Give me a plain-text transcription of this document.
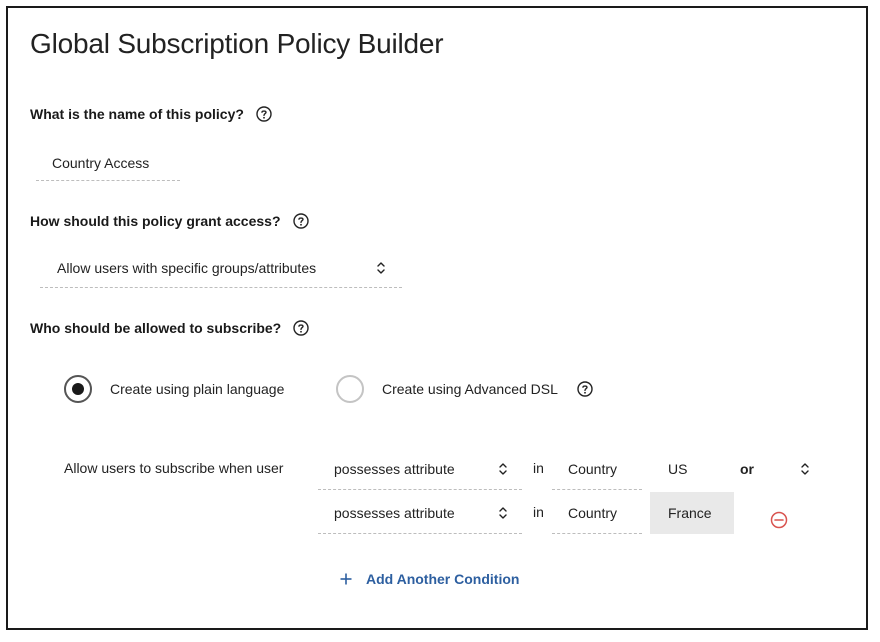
Global Subscription Policy Builder
What is the name of this policy?
Country Access
How should this policy grant access?
Allow users with specific groups/attributes
Who should be allowed to subscribe?
Create using plain language	Create using Advanced DSL
Allow users to subscribe when user	possesses attribute	in Country	US	or
possesses attribute	in Country	France
Add Another Condition
